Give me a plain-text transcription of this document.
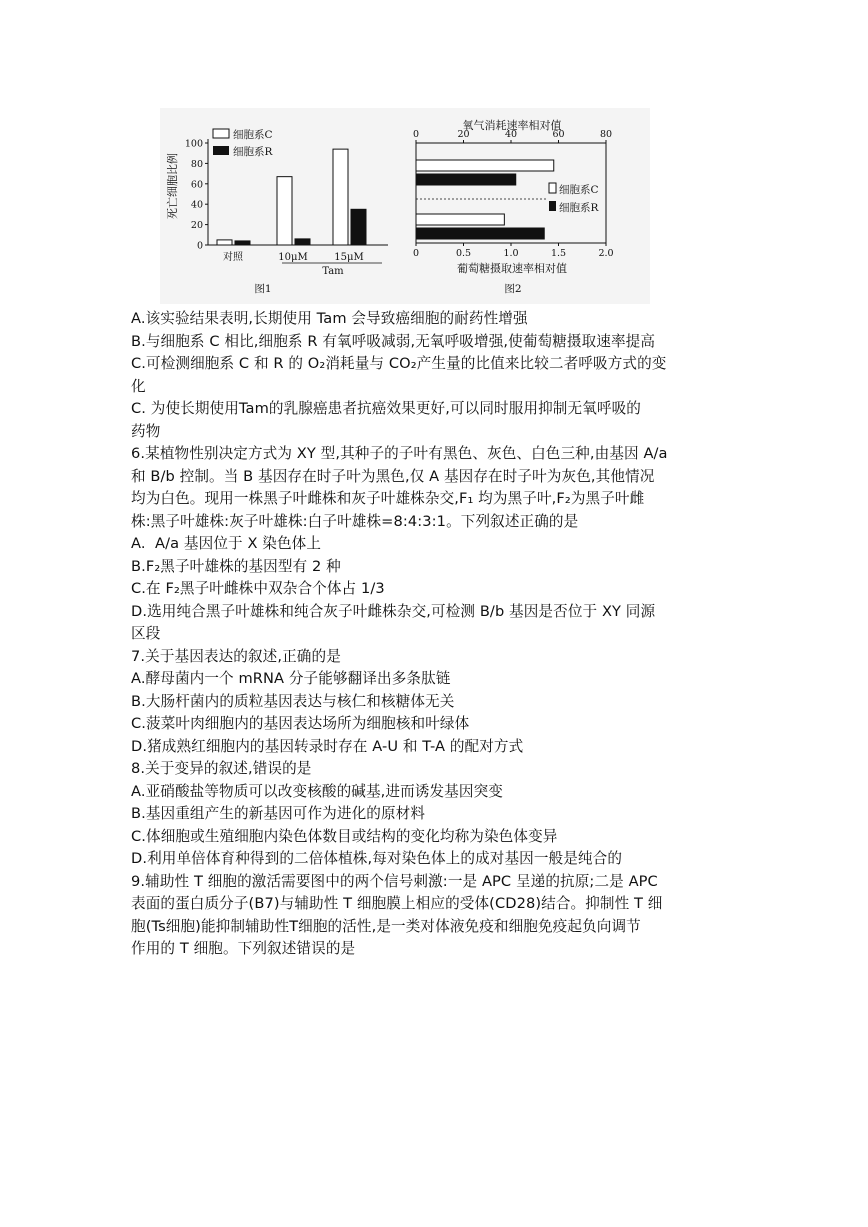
死亡细胞比例
0
20
40
60
80
100
对照	10μM	15μM
细胞系C
细胞系R
Tam
图1
氧气消耗速率相对值
0	20	40	60	80
0	0.5	1.0	1.5	2.0
细胞系C
细胞系R
葡萄糖摄取速率相对值
图2
A.该实验结果表明,长期使用 Tam 会导致癌细胞的耐药性增强
B.与细胞系 C 相比,细胞系 R 有氧呼吸减弱,无氧呼吸增强,使葡萄糖摄取速率提高
C.可检测细胞系 C 和 R 的 O₂消耗量与 CO₂产生量的比值来比较二者呼吸方式的变
化
C. 为使长期使用Tam的乳腺癌患者抗癌效果更好,可以同时服用抑制无氧呼吸的
药物
6.某植物性别决定方式为 XY 型,其种子的子叶有黑色、灰色、白色三种,由基因 A/a
和 B/b 控制。当 B 基因存在时子叶为黑色,仅 A 基因存在时子叶为灰色,其他情况
均为白色。现用一株黑子叶雌株和灰子叶雄株杂交,F₁ 均为黑子叶,F₂为黑子叶雌
株:黑子叶雄株:灰子叶雄株:白子叶雄株=8:4:3:1。下列叙述正确的是
A.  A/a 基因位于 X 染色体上
B.F₂黑子叶雄株的基因型有 2 种
C.在 F₂黑子叶雌株中双杂合个体占 1/3
D.选用纯合黑子叶雄株和纯合灰子叶雌株杂交,可检测 B/b 基因是否位于 XY 同源
区段
7.关于基因表达的叙述,正确的是
A.酵母菌内一个 mRNA 分子能够翻译出多条肽链
B.大肠杆菌内的质粒基因表达与核仁和核糖体无关
C.菠菜叶肉细胞内的基因表达场所为细胞核和叶绿体
D.猪成熟红细胞内的基因转录时存在 A-U 和 T-A 的配对方式
8.关于变异的叙述,错误的是
A.亚硝酸盐等物质可以改变核酸的碱基,进而诱发基因突变
B.基因重组产生的新基因可作为进化的原材料
C.体细胞或生殖细胞内染色体数目或结构的变化均称为染色体变异
D.利用单倍体育种得到的二倍体植株,每对染色体上的成对基因一般是纯合的
9.辅助性 T 细胞的激活需要图中的两个信号刺激:一是 APC 呈递的抗原;二是 APC
表面的蛋白质分子(B7)与辅助性 T 细胞膜上相应的受体(CD28)结合。抑制性 T 细
胞(Ts细胞)能抑制辅助性T细胞的活性,是一类对体液免疫和细胞免疫起负向调节
作用的 T 细胞。下列叙述错误的是
